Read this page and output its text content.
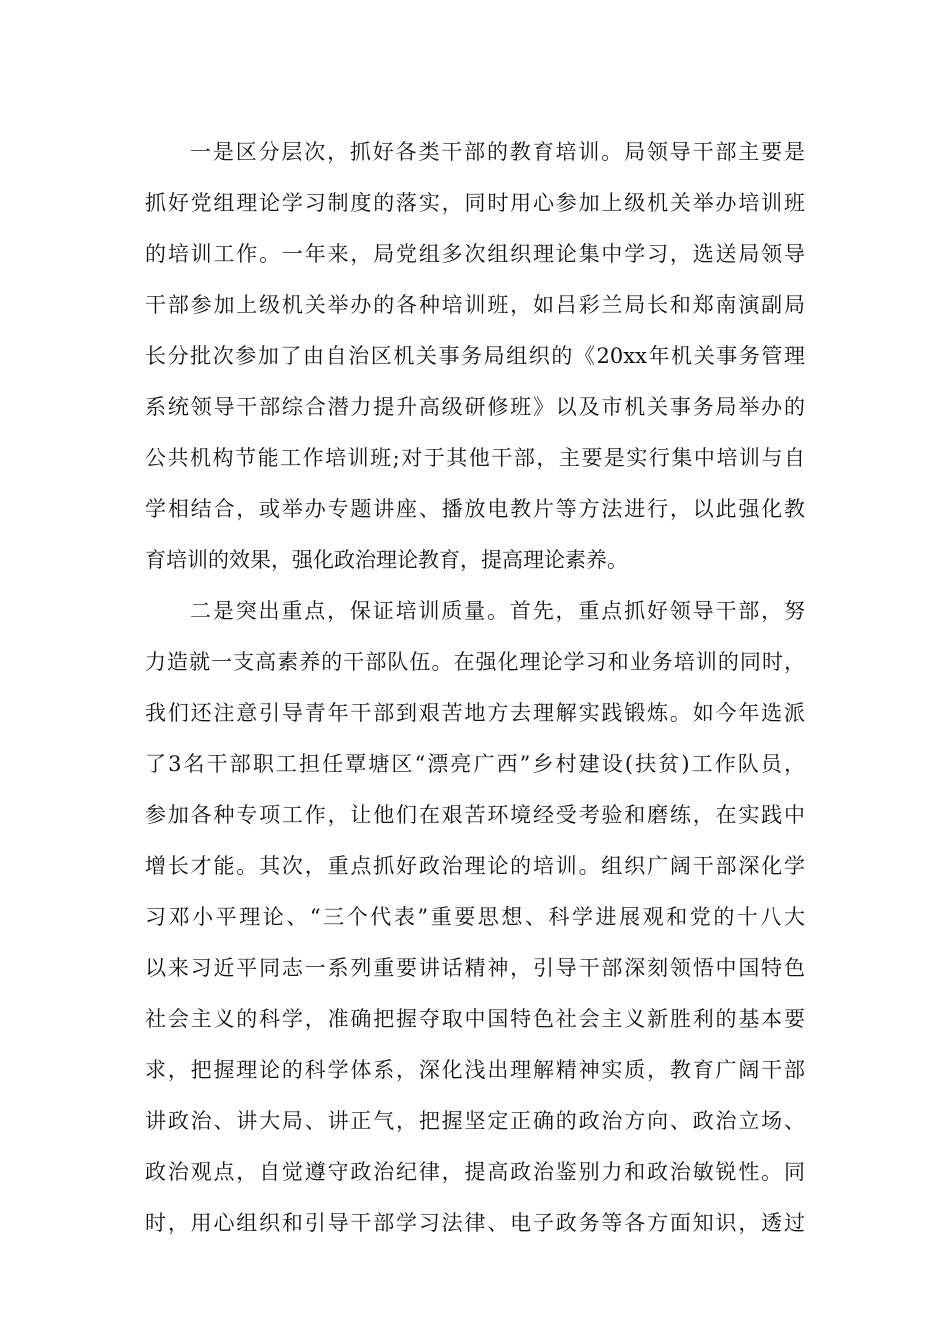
一是区分层次，抓好各类干部的教育培训。局领导干部主要是
抓好党组理论学习制度的落实，同时用心参加上级机关举办培训班
的培训工作。一年来，局党组多次组织理论集中学习，选送局领导
干部参加上级机关举办的各种培训班，如吕彩兰局长和郑南演副局
长分批次参加了由自治区机关事务局组织的《20xx年机关事务管理
系统领导干部综合潜力提升高级研修班》以及市机关事务局举办的
公共机构节能工作培训班;对于其他干部，主要是实行集中培训与自
学相结合，或举办专题讲座、播放电教片等方法进行，以此强化教
育培训的效果，强化政治理论教育，提高理论素养。
二是突出重点，保证培训质量。首先，重点抓好领导干部，努
力造就一支高素养的干部队伍。在强化理论学习和业务培训的同时，
我们还注意引导青年干部到艰苦地方去理解实践锻炼。如今年选派
了3名干部职工担任覃塘区“漂亮广西”乡村建设(扶贫)工作队员，
参加各种专项工作，让他们在艰苦环境经受考验和磨练，在实践中
增长才能。其次，重点抓好政治理论的培训。组织广阔干部深化学
习邓小平理论、“三个代表”重要思想、科学进展观和党的十八大
以来习近平同志一系列重要讲话精神，引导干部深刻领悟中国特色
社会主义的科学，准确把握夺取中国特色社会主义新胜利的基本要
求，把握理论的科学体系，深化浅出理解精神实质，教育广阔干部
讲政治、讲大局、讲正气，把握坚定正确的政治方向、政治立场、
政治观点，自觉遵守政治纪律，提高政治鉴别力和政治敏锐性。同
时，用心组织和引导干部学习法律、电子政务等各方面知识，透过
